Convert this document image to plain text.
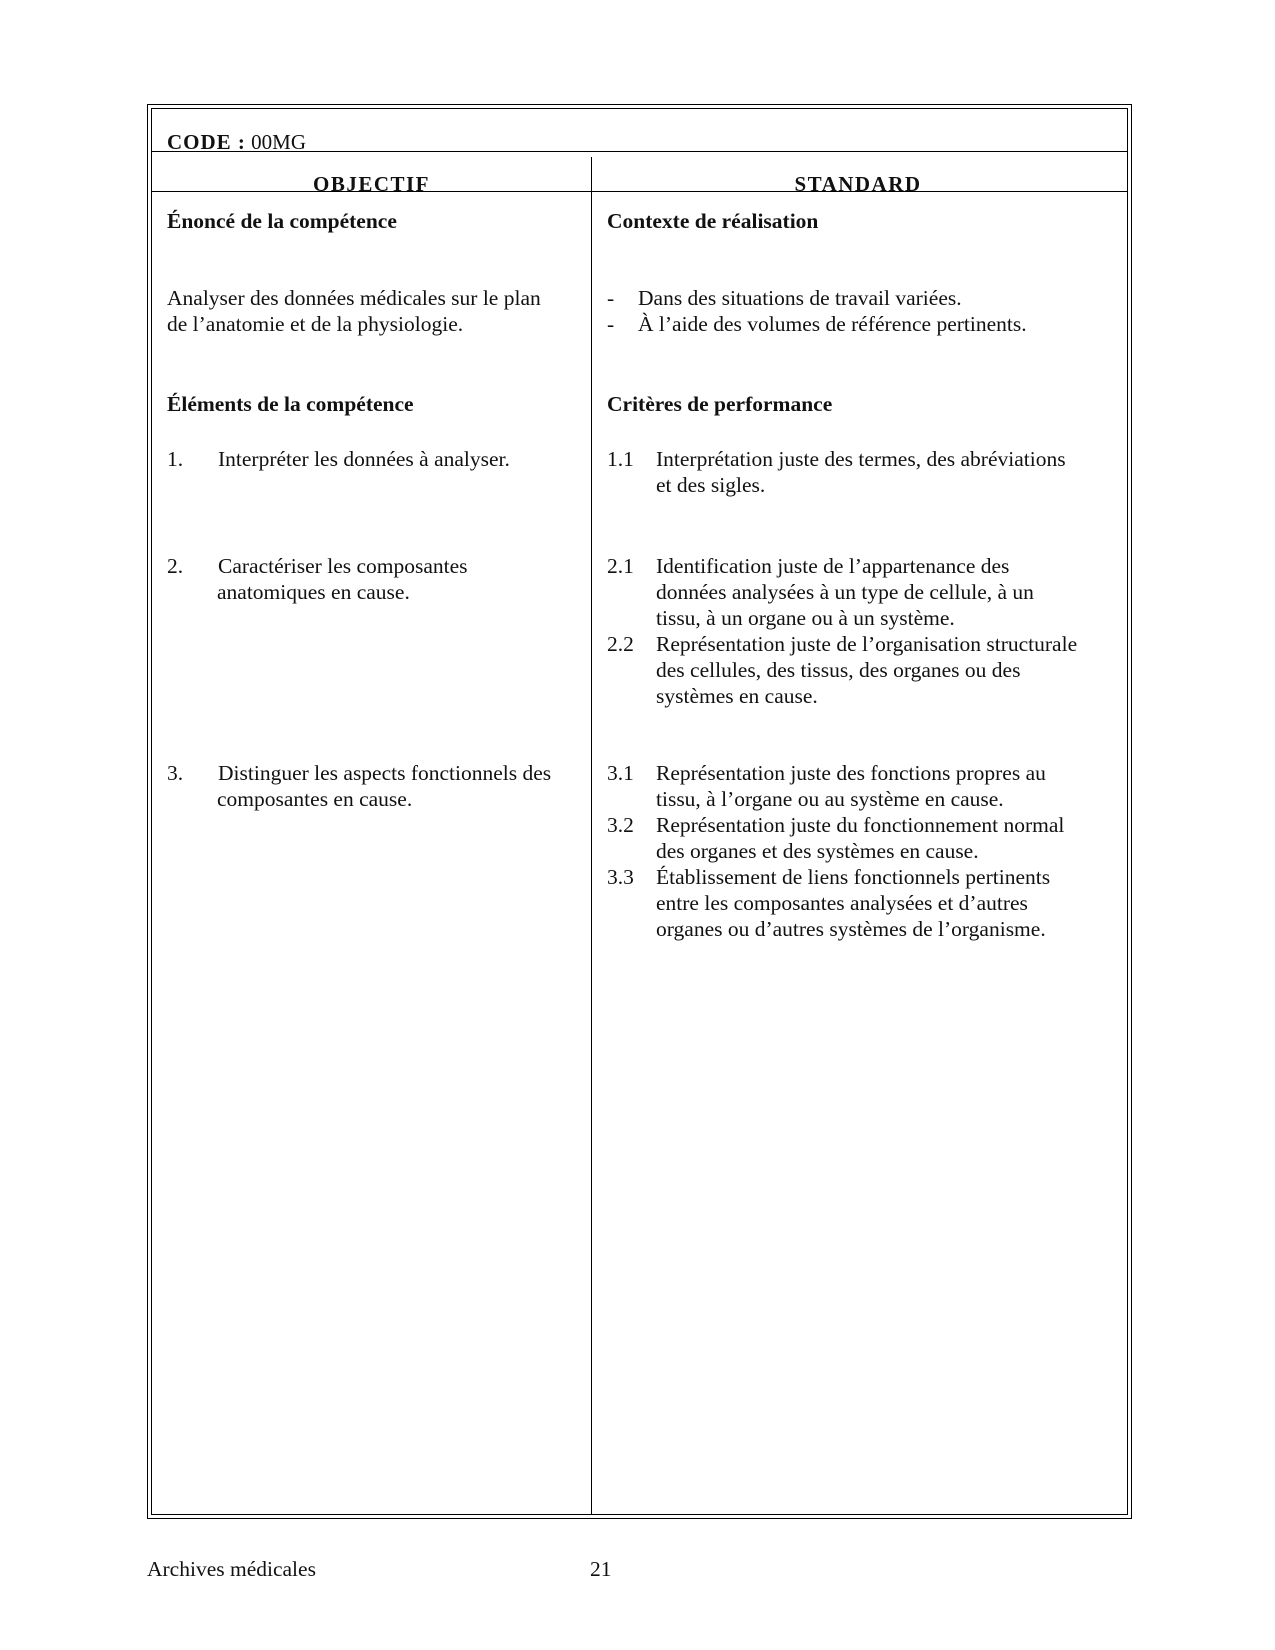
CODE : 00MG
OBJECTIF	STANDARD
Énoncé de la compétence
Analyser des données médicales sur le plan
de l’anatomie et de la physiologie.
Éléments de la compétence
1. Interpréter les données à analyser.
2. Caractériser les composantes
anatomiques en cause.
3. Distinguer les aspects fonctionnels des
composantes en cause.
Contexte de réalisation
- Dans des situations de travail variées.
- À l’aide des volumes de référence pertinents.
Critères de performance
1.1 Interprétation juste des termes, des abréviations
et des sigles.
2.1 Identification juste de l’appartenance des
données analysées à un type de cellule, à un
tissu, à un organe ou à un système.
2.2 Représentation juste de l’organisation structurale
des cellules, des tissus, des organes ou des
systèmes en cause.
3.1 Représentation juste des fonctions propres au
tissu, à l’organe ou au système en cause.
3.2 Représentation juste du fonctionnement normal
des organes et des systèmes en cause.
3.3 Établissement de liens fonctionnels pertinents
entre les composantes analysées et d’autres
organes ou d’autres systèmes de l’organisme.
Archives médicales	21
